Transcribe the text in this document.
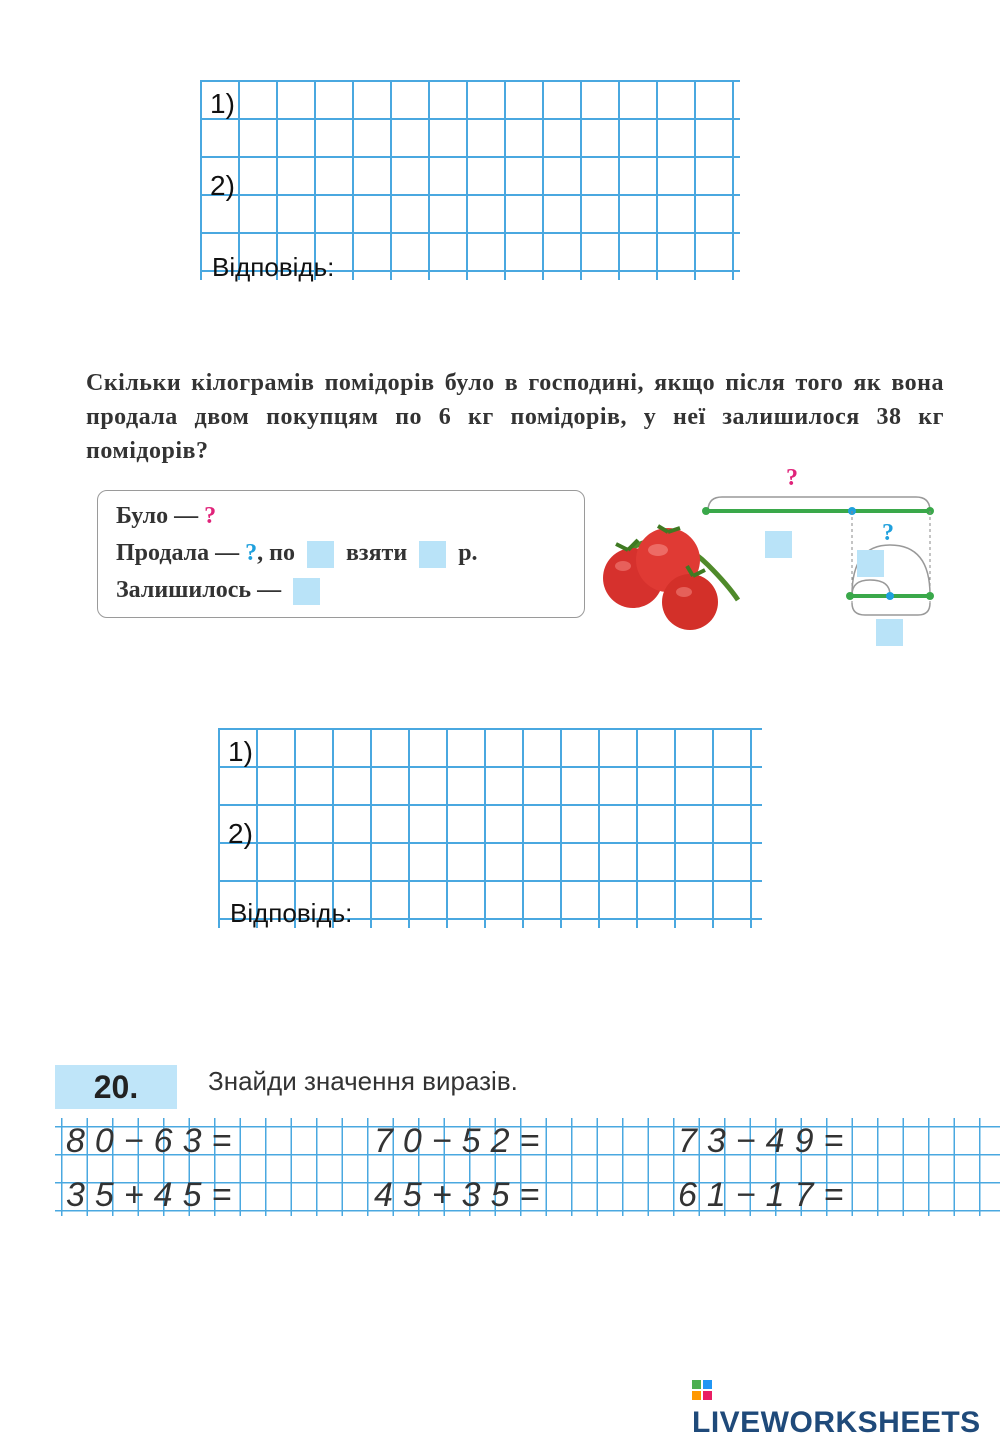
1)
2)
Відповідь:
Скільки кілограмів помідорів було в господині, якщо після того як вона продала двом покупцям по 6 кг помідорів, у неї залишилося 38 кг помідорів?
Було — ?
Продала — ?, по взяти р.
Залишилось —
?
?
1)
2)
Відповідь:
20.	Знайди значення виразів.
80−63=	70−52=	73−49=
35+45=	45+35=	61−17=
LIVEWORKSHEETS
